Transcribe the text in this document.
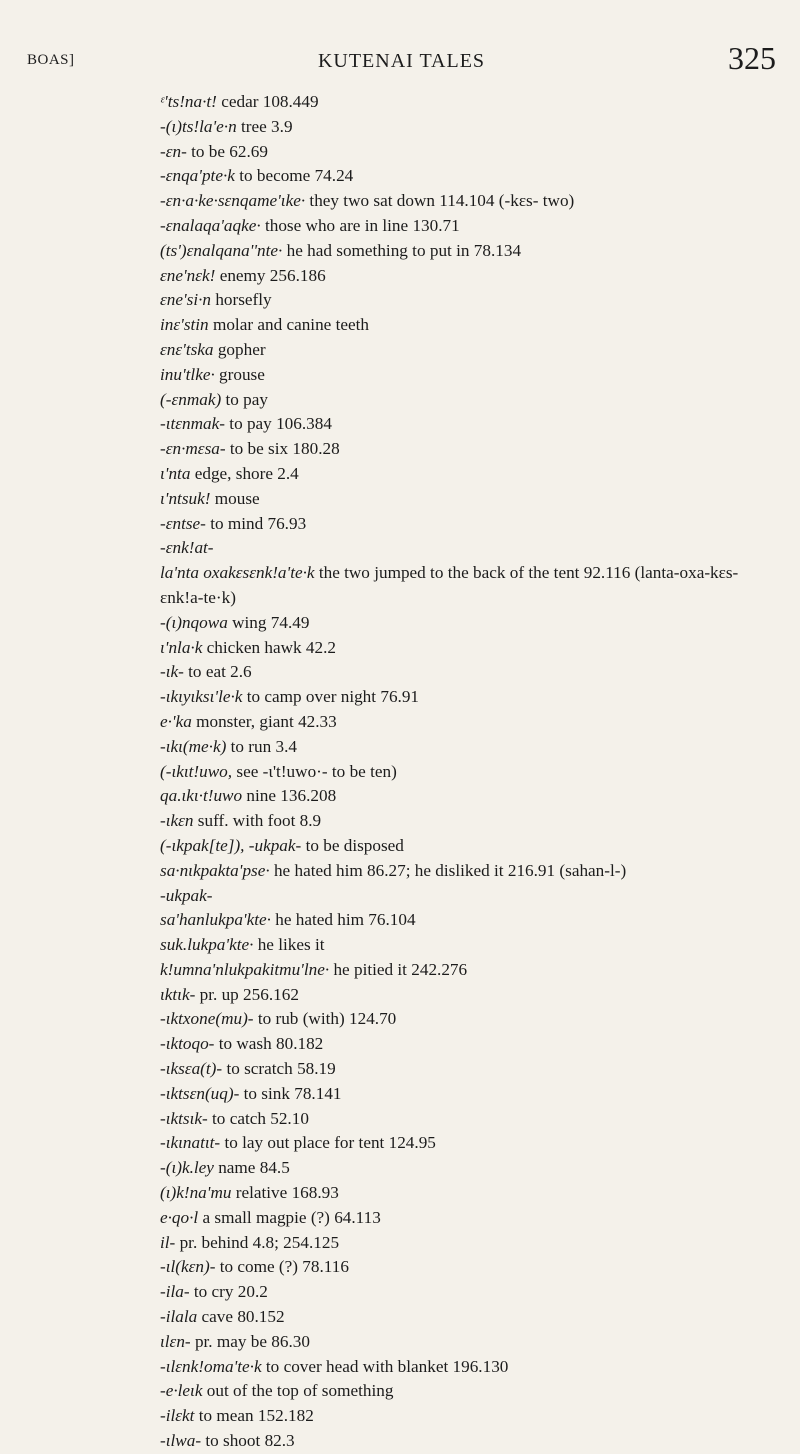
BOAS]	KUTENAI TALES	325
ᵋ'ts!na·t! cedar 108.449
-(ɩ)ts!la'e·n tree 3.9
-ɛn- to be 62.69
-ɛnqa'pte·k to become 74.24
-ɛn·a·ke·sɛnqameʹɩke· they two sat down 114.104 (-kɛs- two)
-ɛnalaqa'aqke· those who are in line 130.71
(ts')ɛnalqana''nte· he had something to put in 78.134
ɛne'nɛk! enemy 256.186
ɛne'si·n horsefly
inɛ'stin molar and canine teeth
ɛnɛ'tska gopher
inu'tlke· grouse
(-ɛnmak) to pay
-ɩtɛnmak- to pay 106.384
-ɛn·mɛsa- to be six 180.28
ɩ'nta edge, shore 2.4
ɩ'ntsuk! mouse
-ɛntse- to mind 76.93
-ɛnk!at-
la'nta oxakɛsɛnk!a'te·k the two jumped to the back of the tent 92.116 (lanta-oxa-kɛs-ɛnk!a-te·k)
-(ɩ)nqowa wing 74.49
ɩ'nla·k chicken hawk 42.2
-ɩk- to eat 2.6
-ɩkɩyɩksɩ'le·k to camp over night 76.91
e·'ka monster, giant 42.33
-ɩkɩ(me·k) to run 3.4
(-ɩkɩt!uwo, see -ɩ't!uwo·- to be ten)
qa.ɩkɩ·t!uwo nine 136.208
-ɩkɛn suff. with foot 8.9
(-ɩkpak[te]), -ukpak- to be disposed
sa·nɩkpakta'pse· he hated him 86.27; he disliked it 216.91 (sahan-l-)
-ukpak-
sa'hanlukpa'kte· he hated him 76.104
suk.lukpa'kte· he likes it
k!umna'nlukpakitmu'lne· he pitied it 242.276
ɩktɩk- pr. up 256.162
-ɩktxone(mu)- to rub (with) 124.70
-ɩktoqo- to wash 80.182
-ɩksɛa(t)- to scratch 58.19
-ɩktsɛn(uq)- to sink 78.141
-ɩktsɩk- to catch 52.10
-ɩkɩnatɩt- to lay out place for tent 124.95
-(ɩ)k.ley name 84.5
(ɩ)k!na'mu relative 168.93
e·qo·l a small magpie (?) 64.113
il- pr. behind 4.8; 254.125
-ɩl(kɛn)- to come (?) 78.116
-ila- to cry 20.2
-ilala cave 80.152
ɩlɛn- pr. may be 86.30
-ɩlɛnk!oma'te·k to cover head with blanket 196.130
-e·leɩk out of the top of something
-ilɛkt to mean 152.182
-ɩlwa- to shoot 82.3
